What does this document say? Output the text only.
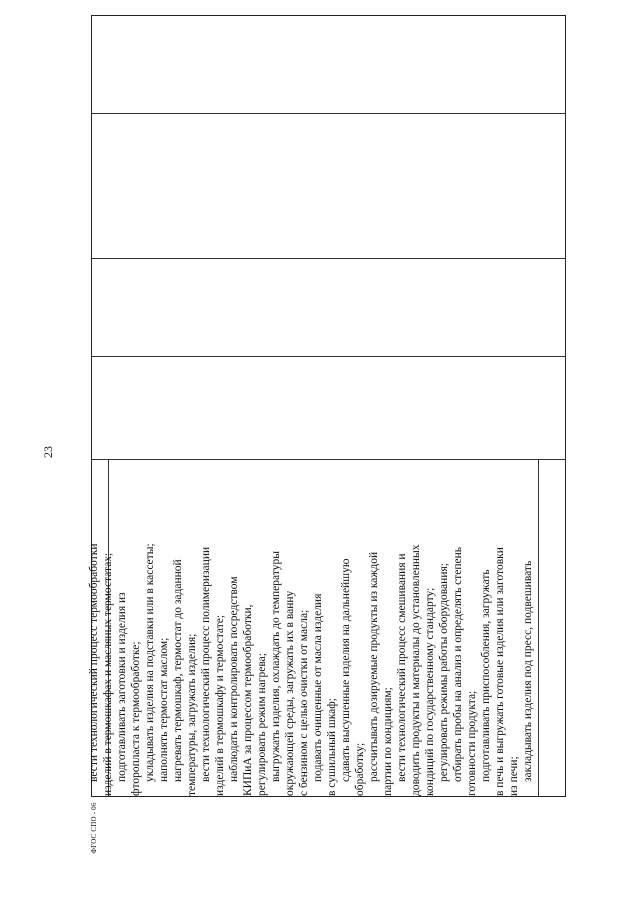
23
ФГОС СПО - 06
вести технологический процесс термообработки изделий в термошкафах и масляных термостатах; подготавливать заготовки и изделия из фторопласта к термообработке; укладывать изделия на подставки или в кассеты; наполнять термостат маслом; нагревать термошкаф, термостат до заданной температуры, загружать изделия; вести технологический процесс полимеризации изделий в термошкафу и термостате; наблюдать и контролировать посредством КИПиА за процессом термообработки, регулировать режим нагрева; выгружать изделия, охлаждать до температуры окружающей среды, загружать их в ванну с бензином с целью очистки от масла; подавать очищенные от масла изделия в сушильный шкаф; сдавать высушенные изделия на дальнейшую обработку; рассчитывать дозируемые продукты из каждой партии по кондициям; вести технологический процесс смешивания и доводить продукты и материалы до установленных кондиций по государственному стандарту; регулировать режимы работы оборудования; отбирать пробы на анализ и определять степень готовности продукта; подготавливать приспособления, загружать в печь и выгружать готовые изделия или заготовки из печи; закладывать изделия под пресс, подвешивать
